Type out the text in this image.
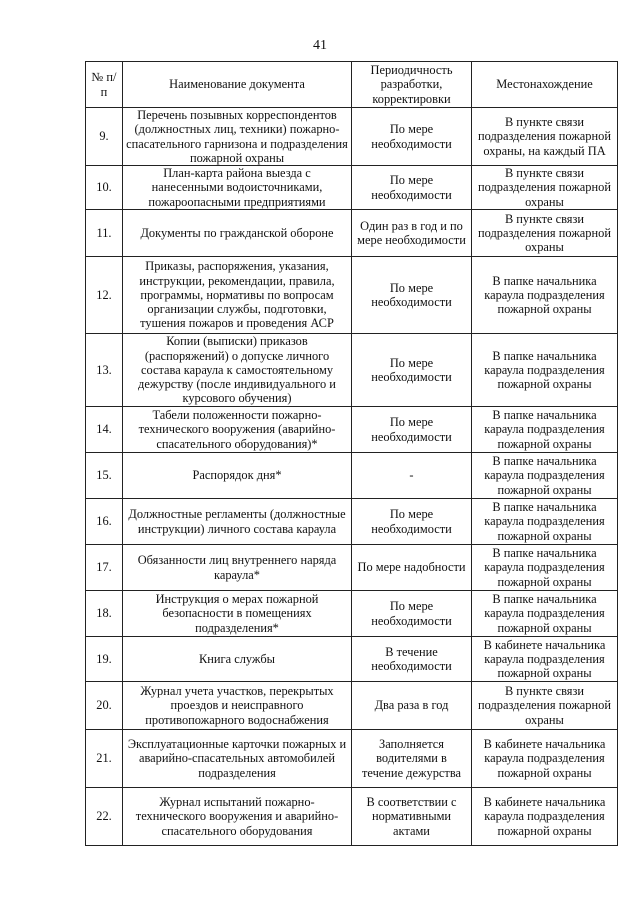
41
№ п/п	Наименование документа	Периодичность разработки, корректировки	Местонахождение
9.	Перечень позывных корреспондентов (должностных лиц, техники) пожарно-спасательного гарнизона и подразделения пожарной охраны	По мере необходимости	В пункте связи подразделения пожарной охраны, на каждый ПА
10.	План-карта района выезда с нанесенными водоисточниками, пожароопасными предприятиями	По мере необходимости	В пункте связи подразделения пожарной охраны
11.	Документы по гражданской обороне	Один раз в год и по мере необходимости	В пункте связи подразделения пожарной охраны
12.	Приказы, распоряжения, указания, инструкции, рекомендации, правила, программы, нормативы по вопросам организации службы, подготовки, тушения пожаров и проведения АСР	По мере необходимости	В папке начальника караула подразделения пожарной охраны
13.	Копии (выписки) приказов (распоряжений) о допуске личного состава караула к самостоятельному дежурству (после индивидуального и курсового обучения)	По мере необходимости	В папке начальника караула подразделения пожарной охраны
14.	Табели положенности пожарно-технического вооружения (аварийно-спасательного оборудования)*	По мере необходимости	В папке начальника караула подразделения пожарной охраны
15.	Распорядок дня*	-	В папке начальника караула подразделения пожарной охраны
16.	Должностные регламенты (должностные инструкции) личного состава караула	По мере необходимости	В папке начальника караула подразделения пожарной охраны
17.	Обязанности лиц внутреннего наряда караула*	По мере надобности	В папке начальника караула подразделения пожарной охраны
18.	Инструкция о мерах пожарной безопасности в помещениях подразделения*	По мере необходимости	В папке начальника караула подразделения пожарной охраны
19.	Книга службы	В течение необходимости	В кабинете начальника караула подразделения пожарной охраны
20.	Журнал учета участков, перекрытых проездов и неисправного противопожарного водоснабжения	Два раза в год	В пункте связи подразделения пожарной охраны
21.	Эксплуатационные карточки пожарных и аварийно-спасательных автомобилей подразделения	Заполняется водителями в течение дежурства	В кабинете начальника караула подразделения пожарной охраны
22.	Журнал испытаний пожарно-технического вооружения и аварийно-спасательного оборудования	В соответствии с нормативными актами	В кабинете начальника караула подразделения пожарной охраны
